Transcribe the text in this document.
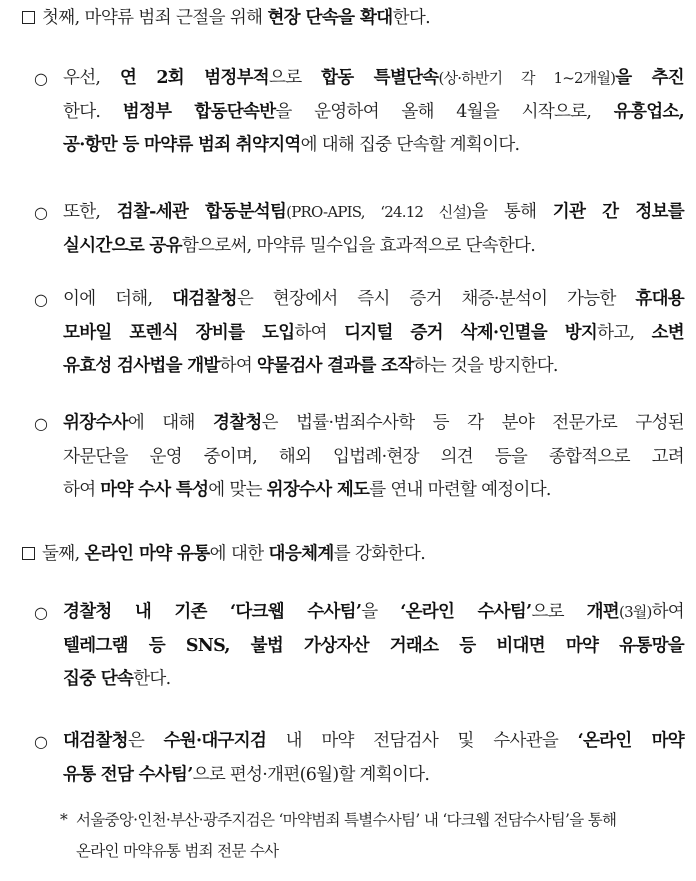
첫째, 마약류 범죄 근절을 위해 현장 단속을 확대한다.
○ 우선, 연 2회 범정부적으로 합동 특별단속(상·하반기 각 1~2개월)을 추진
한다. 범정부 합동단속반을 운영하여 올해 4월을 시작으로, 유흥업소,
공·항만 등 마약류 범죄 취약지역에 대해 집중 단속할 계획이다.
○ 또한, 검찰-세관 합동분석팀(PRO-APIS, ‘24.12 신설)을 통해 기관 간 정보를
실시간으로 공유함으로써, 마약류 밀수입을 효과적으로 단속한다.
○ 이에 더해, 대검찰청은 현장에서 즉시 증거 채증·분석이 가능한 휴대용
모바일 포렌식 장비를 도입하여 디지털 증거 삭제·인멸을 방지하고, 소변
유효성 검사법을 개발하여 약물검사 결과를 조작하는 것을 방지한다.
○ 위장수사에 대해 경찰청은 법률·범죄수사학 등 각 분야 전문가로 구성된
자문단을 운영 중이며, 해외 입법례·현장 의견 등을 종합적으로 고려
하여 마약 수사 특성에 맞는 위장수사 제도를 연내 마련할 예정이다.
둘째, 온라인 마약 유통에 대한 대응체계를 강화한다.
○ 경찰청 내 기존 ‘다크웹 수사팀’을 ‘온라인 수사팀’으로 개편(3월)하여
텔레그램 등 SNS, 불법 가상자산 거래소 등 비대면 마약 유통망을
집중 단속한다.
○ 대검찰청은 수원·대구지검 내 마약 전담검사 및 수사관을 ‘온라인 마약
유통 전담 수사팀’으로 편성·개편(6월)할 계획이다.
* 서울중앙·인천·부산·광주지검은 ‘마약범죄 특별수사팀’ 내 ‘다크웹 전담수사팀’을 통해
온라인 마약유통 범죄 전문 수사
